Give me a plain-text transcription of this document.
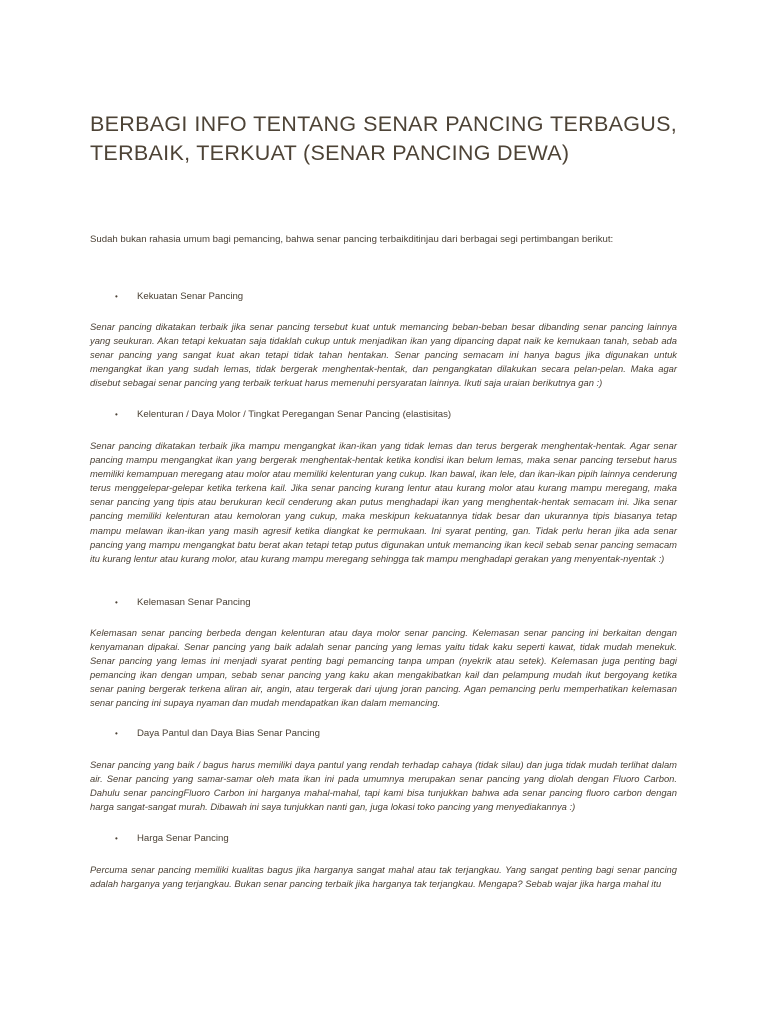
BERBAGI INFO TENTANG SENAR PANCING TERBAGUS, TERBAIK, TERKUAT (SENAR PANCING DEWA)

Sudah bukan rahasia umum bagi pemancing, bahwa senar pancing terbaikditinjau dari berbagai segi pertimbangan berikut:

• Kekuatan Senar Pancing

Senar pancing dikatakan terbaik jika senar pancing tersebut kuat untuk memancing beban-beban besar dibanding senar pancing lainnya yang seukuran. Akan tetapi kekuatan saja tidaklah cukup untuk menjadikan ikan yang dipancing dapat naik ke kemukaan tanah, sebab ada senar pancing yang sangat kuat akan tetapi tidak tahan hentakan. Senar pancing semacam ini hanya bagus jika digunakan untuk mengangkat ikan yang sudah lemas, tidak bergerak menghentak-hentak, dan pengangkatan dilakukan secara pelan-pelan. Maka agar disebut sebagai senar pancing yang terbaik terkuat harus memenuhi persyaratan lainnya. Ikuti saja uraian berikutnya gan :)

• Kelenturan / Daya Molor / Tingkat Peregangan Senar Pancing (elastisitas)

Senar pancing dikatakan terbaik jika mampu mengangkat ikan-ikan yang tidak lemas dan terus bergerak menghentak-hentak. Agar senar pancing mampu mengangkat ikan yang bergerak menghentak-hentak ketika kondisi ikan belum lemas, maka senar pancing tersebut harus memiliki kemampuan meregang atau molor atau memiliki kelenturan yang cukup. Ikan bawal, ikan lele, dan ikan-ikan pipih lainnya cenderung terus menggelepar-gelepar ketika terkena kail. Jika senar pancing kurang lentur atau kurang molor atau kurang mampu meregang, maka senar pancing yang tipis atau berukuran kecil cenderung akan putus menghadapi ikan yang menghentak-hentak semacam ini. Jika senar pancing memiliki kelenturan atau kemoloran yang cukup, maka meskipun kekuatannya tidak besar dan ukurannya tipis biasanya tetap mampu melawan ikan-ikan yang masih agresif ketika diangkat ke permukaan. Ini syarat penting, gan. Tidak perlu heran jika ada senar pancing yang mampu mengangkat batu berat akan tetapi tetap putus digunakan untuk memancing ikan kecil sebab senar pancing semacam itu kurang lentur atau kurang molor, atau kurang mampu meregang sehingga tak mampu menghadapi gerakan yang menyentak-nyentak :)

• Kelemasan Senar Pancing

Kelemasan senar pancing berbeda dengan kelenturan atau daya molor senar pancing. Kelemasan senar pancing ini berkaitan dengan kenyamanan dipakai. Senar pancing yang baik adalah senar pancing yang lemas yaitu tidak kaku seperti kawat, tidak mudah menekuk. Senar pancing yang lemas ini menjadi syarat penting bagi pemancing tanpa umpan (nyekrik atau setek). Kelemasan juga penting bagi pemancing ikan dengan umpan, sebab senar pancing yang kaku akan mengakibatkan kail dan pelampung mudah ikut bergoyang ketika senar paning bergerak terkena aliran air, angin, atau tergerak dari ujung joran pancing. Agan pemancing perlu memperhatikan kelemasan senar pancing ini supaya nyaman dan mudah mendapatkan ikan dalam memancing.

• Daya Pantul dan Daya Bias Senar Pancing

Senar pancing yang baik / bagus harus memiliki daya pantul yang rendah terhadap cahaya (tidak silau) dan juga tidak mudah terlihat dalam air. Senar pancing yang samar-samar oleh mata ikan ini pada umumnya merupakan senar pancing yang diolah dengan Fluoro Carbon. Dahulu senar pancingFluoro Carbon ini harganya mahal-mahal, tapi kami bisa tunjukkan bahwa ada senar pancing fluoro carbon dengan harga sangat-sangat murah. Dibawah ini saya tunjukkan nanti gan, juga lokasi toko pancing yang menyediakannya :)

• Harga Senar Pancing

Percuma senar pancing memiliki kualitas bagus jika harganya sangat mahal atau tak terjangkau. Yang sangat penting bagi senar pancing adalah harganya yang terjangkau. Bukan senar pancing terbaik jika harganya tak terjangkau. Mengapa? Sebab wajar jika harga mahal itu
